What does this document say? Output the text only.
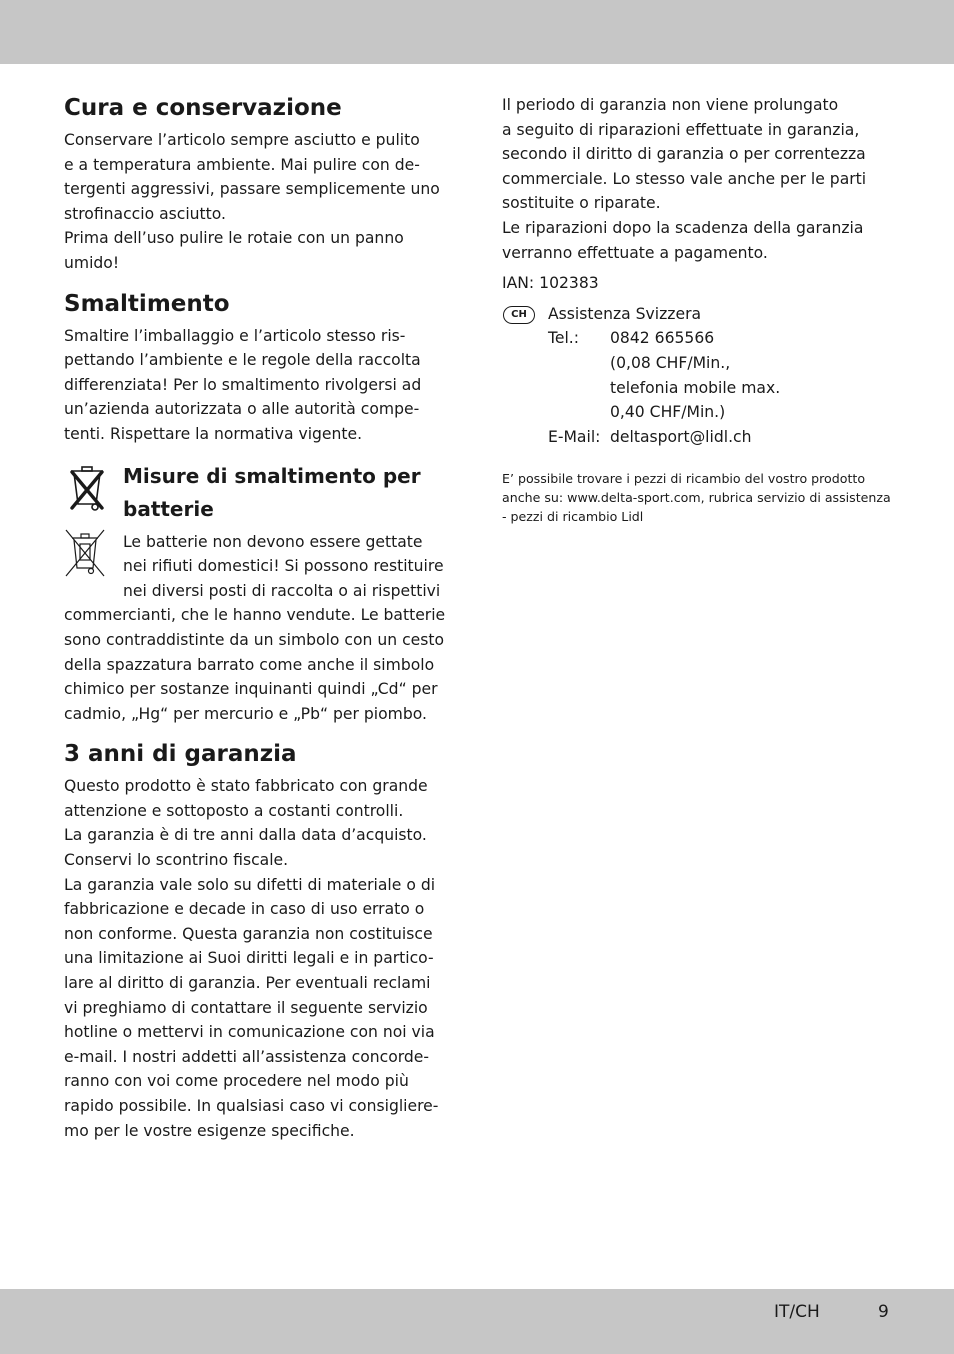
Cura e conservazione

Conservare l’articolo sempre asciutto e pulito
e a temperatura ambiente. Mai pulire con de-
tergenti aggressivi, passare semplicemente uno
strofinaccio asciutto.
Prima dell’uso pulire le rotaie con un panno
umido!

Smaltimento

Smaltire l’imballaggio e l’articolo stesso ris-
pettando l’ambiente e le regole della raccolta
differenziata! Per lo smaltimento rivolgersi ad
un’azienda autorizzata o alle autorità compe-
tenti. Rispettare la normativa vigente.

Misure di smaltimento per
batterie

Le batterie non devono essere gettate
nei rifiuti domestici! Si possono restituire
nei diversi posti di raccolta o ai rispettivi

commercianti, che le hanno vendute. Le batterie
sono contraddistinte da un simbolo con un cesto
della spazzatura barrato come anche il simbolo
chimico per sostanze inquinanti quindi „Cd“ per
cadmio, „Hg“ per mercurio e „Pb“ per piombo.

3 anni di garanzia

Questo prodotto è stato fabbricato con grande
attenzione e sottoposto a costanti controlli.
La garanzia è di tre anni dalla data d’acquisto.
Conservi lo scontrino fiscale.
La garanzia vale solo su difetti di materiale o di
fabbricazione e decade in caso di uso errato o
non conforme. Questa garanzia non costituisce
una limitazione ai Suoi diritti legali e in partico-
lare al diritto di garanzia. Per eventuali reclami
vi preghiamo di contattare il seguente servizio
hotline o mettervi in comunicazione con noi via
e-mail. I nostri addetti all’assistenza concorde-
ranno con voi come procedere nel modo più
rapido possibile. In qualsiasi caso vi consigliere-
mo per le vostre esigenze specifiche.

Il periodo di garanzia non viene prolungato
a seguito di riparazioni effettuate in garanzia,
secondo il diritto di garanzia o per correntezza
commerciale. Lo stesso vale anche per le parti
sostituite o riparate.
Le riparazioni dopo la scadenza della garanzia
verranno effettuate a pagamento.

IAN: 102383

CH	Assistenza Svizzera

Tel.:	0842 665566
(0,08 CHF/Min.,
telefonia mobile max.
0,40 CHF/Min.)
E-Mail: deltasport@lidl.ch

E’ possibile trovare i pezzi di ricambio del vostro prodotto
anche su: www.delta-sport.com, rubrica servizio di assistenza
- pezzi di ricambio Lidl

IT/CH	9
